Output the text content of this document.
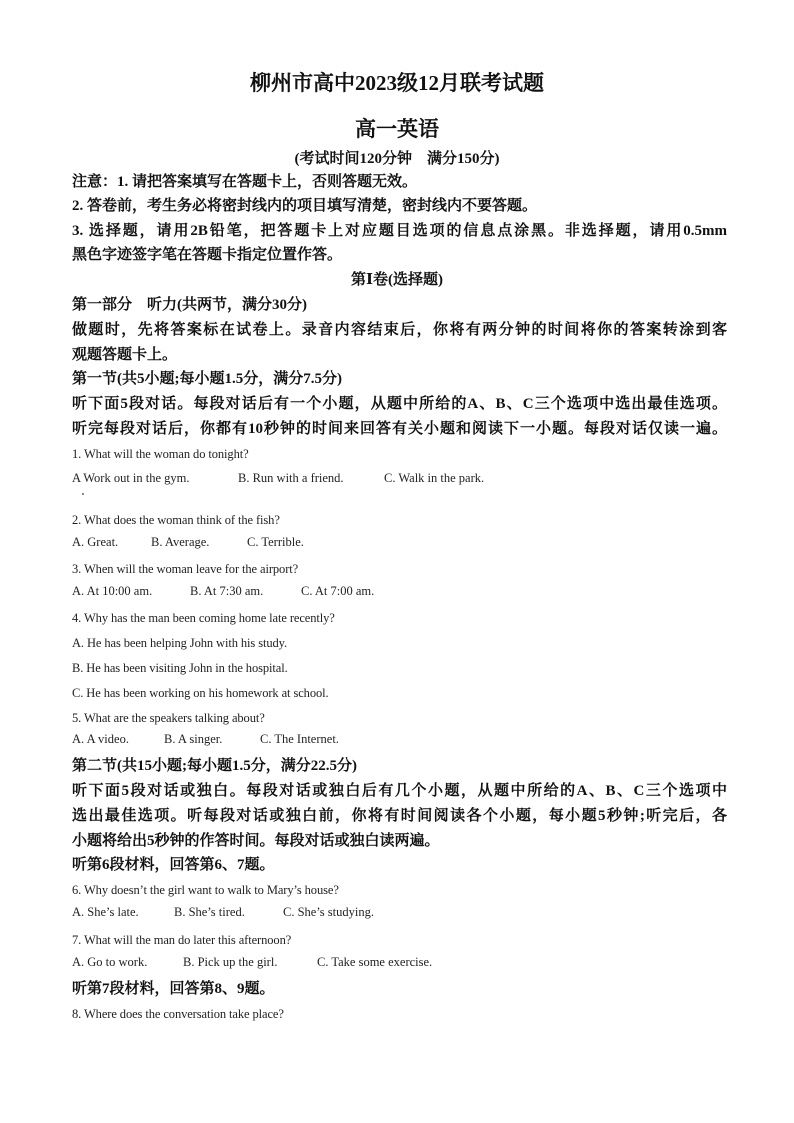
柳州市高中2023级12月联考试题
高一英语
(考试时间120分钟　满分150分)
注意：1. 请把答案填写在答题卡上，否则答题无效。
2. 答卷前，考生务必将密封线内的项目填写清楚，密封线内不要答题。
3. 选择题，请用2B铅笔，把答题卡上对应题目选项的信息点涂黑。非选择题，请用0.5mm
黑色字迹签字笔在答题卡指定位置作答。
第Ⅰ卷(选择题)
第一部分　听力(共两节，满分30分)
做题时，先将答案标在试卷上。录音内容结束后，你将有两分钟的时间将你的答案转涂到客
观题答题卡上。
第一节(共5小题;每小题1.5分，满分7.5分)
听下面5段对话。每段对话后有一个小题，从题中所给的A、B、C三个选项中选出最佳选项。
听完每段对话后，你都有10秒钟的时间来回答有关小题和阅读下一小题。每段对话仅读一遍。
1. What will the woman do tonight?
A Work out in the gym.	B. Run with a friend.	C. Walk in the park.
2. What does the woman think of the fish?
A. Great.	B. Average.	C. Terrible.
3. When will the woman leave for the airport?
A. At 10:00 am.	B. At 7:30 am.	C. At 7:00 am.
4. Why has the man been coming home late recently?
A. He has been helping John with his study.
B. He has been visiting John in the hospital.
C. He has been working on his homework at school.
5. What are the speakers talking about?
A. A video.	B. A singer.	C. The Internet.
第二节(共15小题;每小题1.5分，满分22.5分)
听下面5段对话或独白。每段对话或独白后有几个小题，从题中所给的A、B、C三个选项中
选出最佳选项。听每段对话或独白前，你将有时间阅读各个小题，每小题5秒钟;听完后，各
小题将给出5秒钟的作答时间。每段对话或独白读两遍。
听第6段材料，回答第6、7题。
6. Why doesn’t the girl want to walk to Mary’s house?
A. She’s late.	B. She’s tired.	C. She’s studying.
7. What will the man do later this afternoon?
A. Go to work.	B. Pick up the girl.	C. Take some exercise.
听第7段材料，回答第8、9题。
8. Where does the conversation take place?
